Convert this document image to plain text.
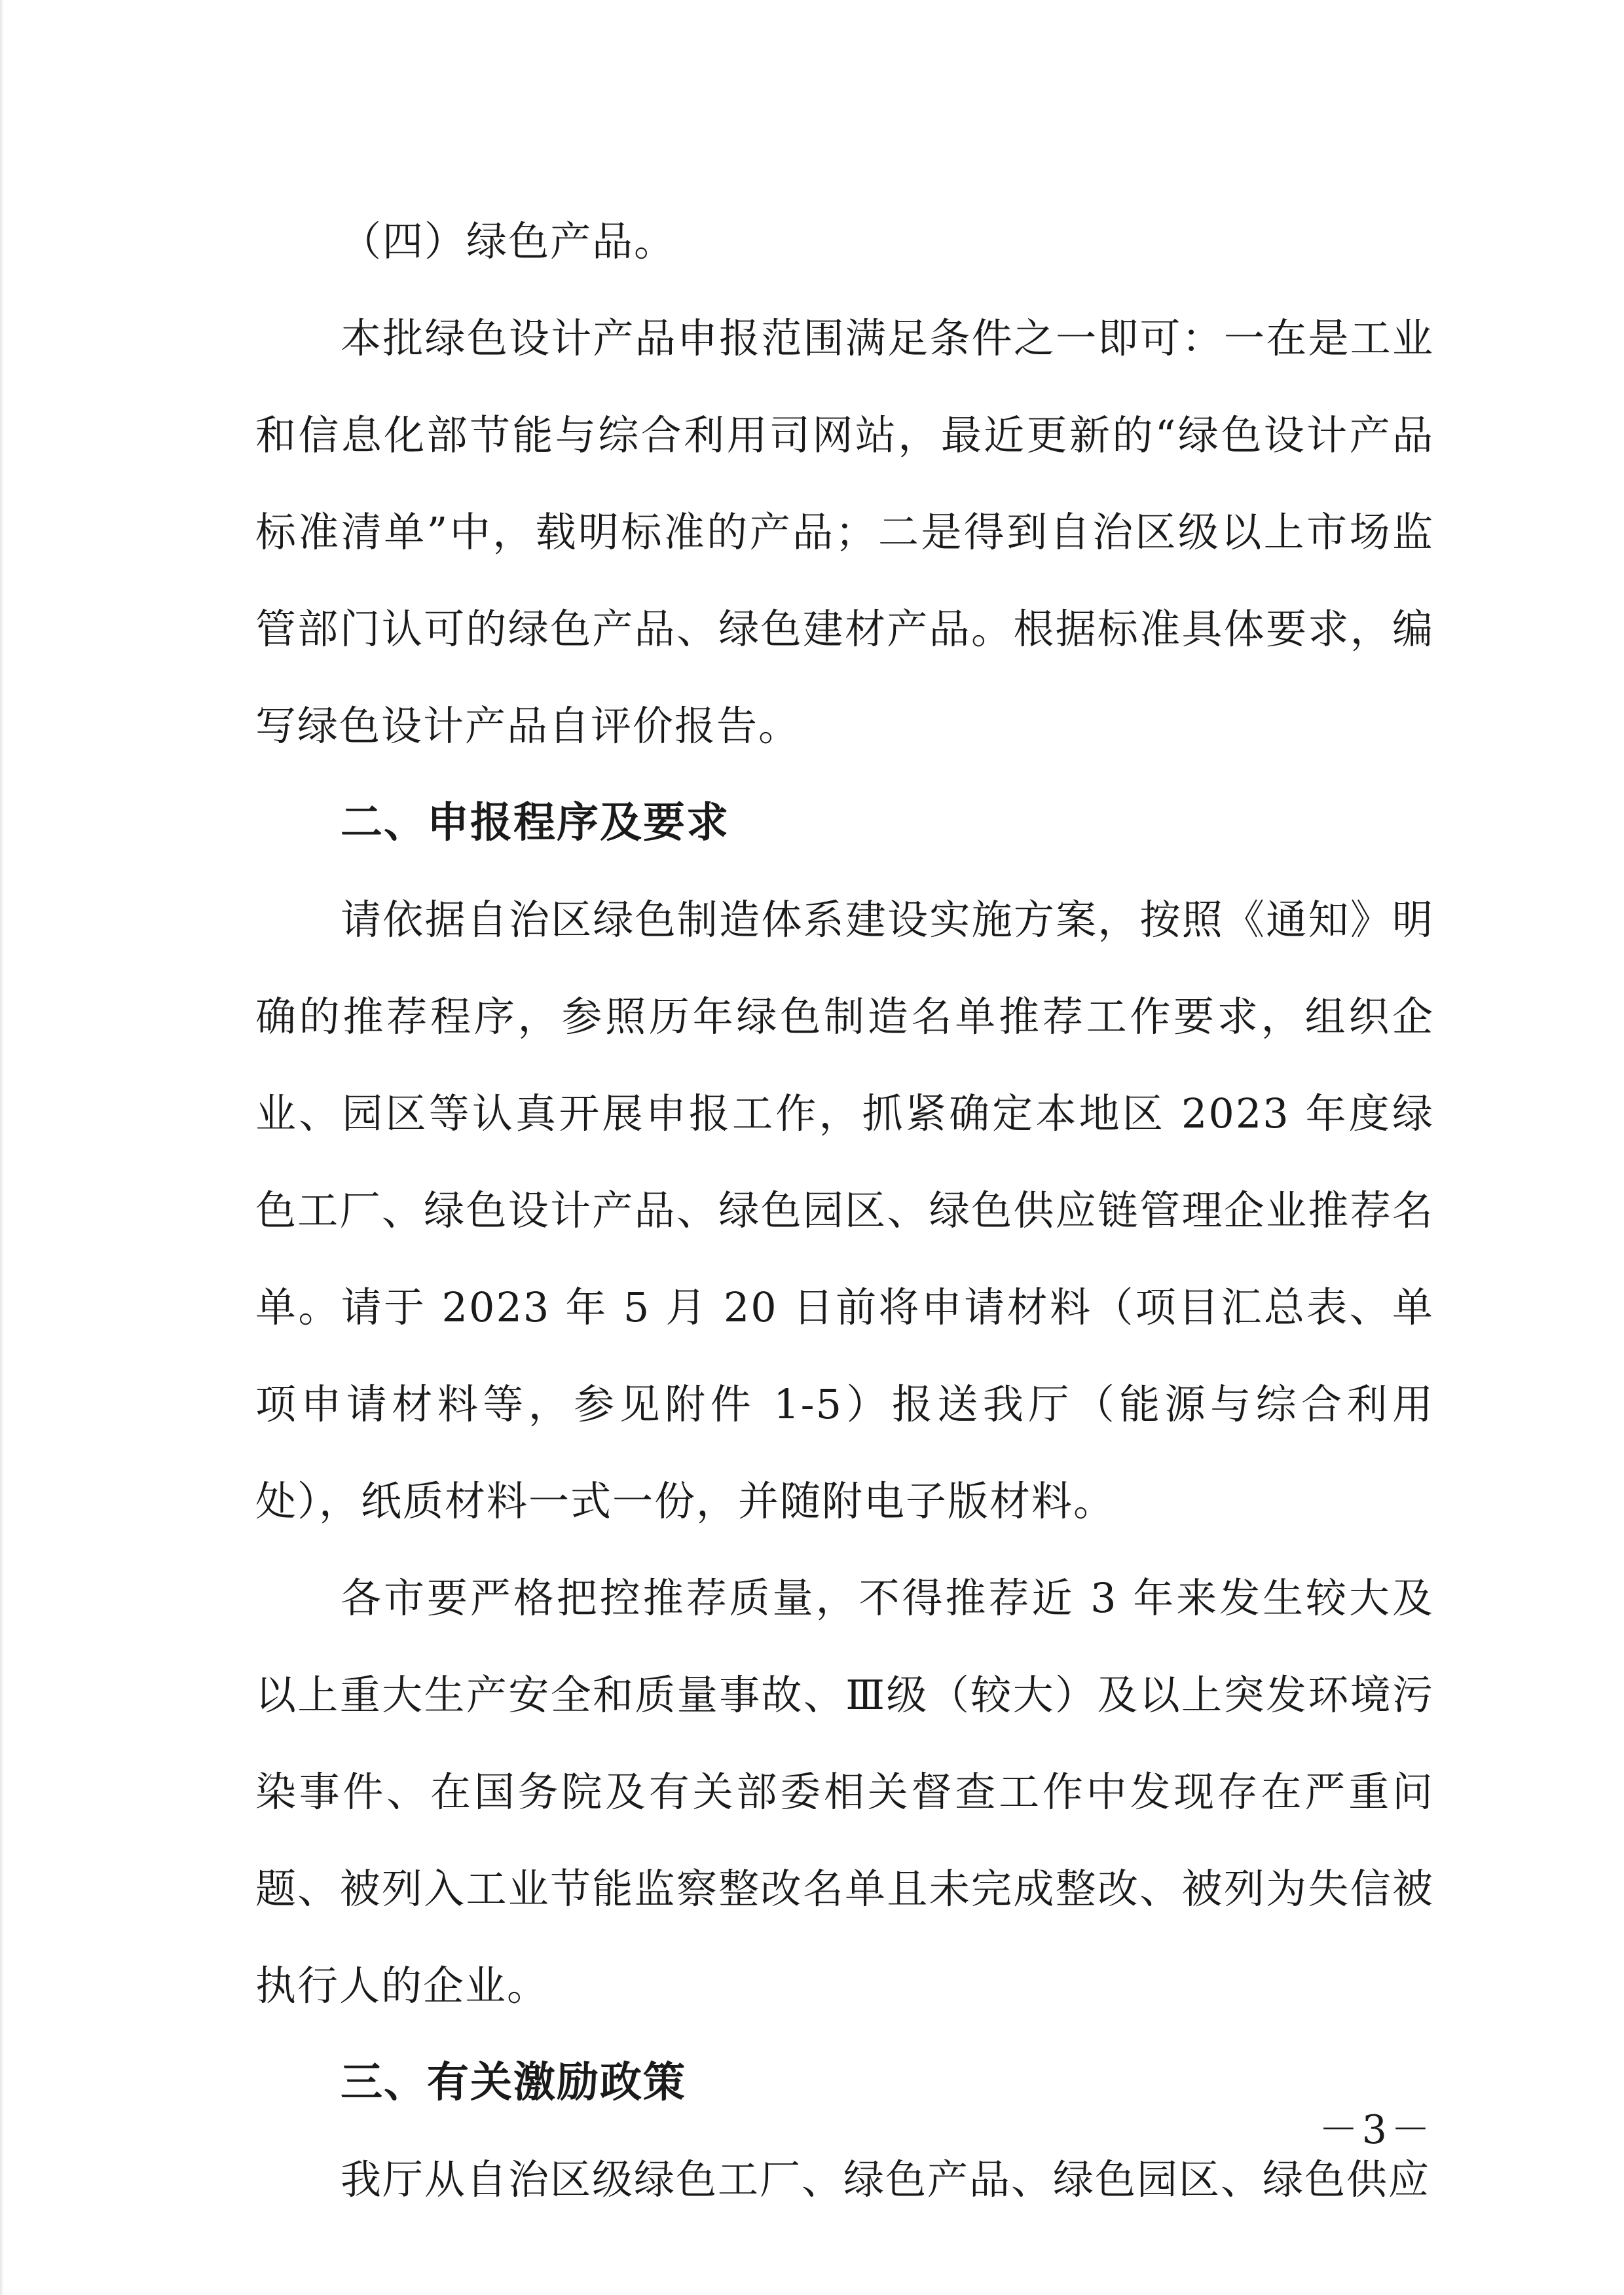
（四）绿色产品。

本批绿色设计产品申报范围满足条件之一即可：一在是工业和信息化部节能与综合利用司网站，最近更新的“绿色设计产品标准清单”中，载明标准的产品；二是得到自治区级以上市场监管部门认可的绿色产品、绿色建材产品。根据标准具体要求，编写绿色设计产品自评价报告。

二、申报程序及要求

请依据自治区绿色制造体系建设实施方案，按照《通知》明确的推荐程序，参照历年绿色制造名单推荐工作要求，组织企业、园区等认真开展申报工作，抓紧确定本地区 2023 年度绿色工厂、绿色设计产品、绿色园区、绿色供应链管理企业推荐名单。请于 2023 年 5 月 20 日前将申请材料（项目汇总表、单项申请材料等，参见附件 1-5）报送我厅（能源与综合利用处），纸质材料一式一份，并随附电子版材料。

各市要严格把控推荐质量，不得推荐近 3 年来发生较大及以上重大生产安全和质量事故、Ⅲ级（较大）及以上突发环境污染事件、在国务院及有关部委相关督查工作中发现存在严重问题、被列入工业节能监察整改名单且未完成整改、被列为失信被执行人的企业。

三、有关激励政策

我厅从自治区级绿色工厂、绿色产品、绿色园区、绿色供应

－3－
